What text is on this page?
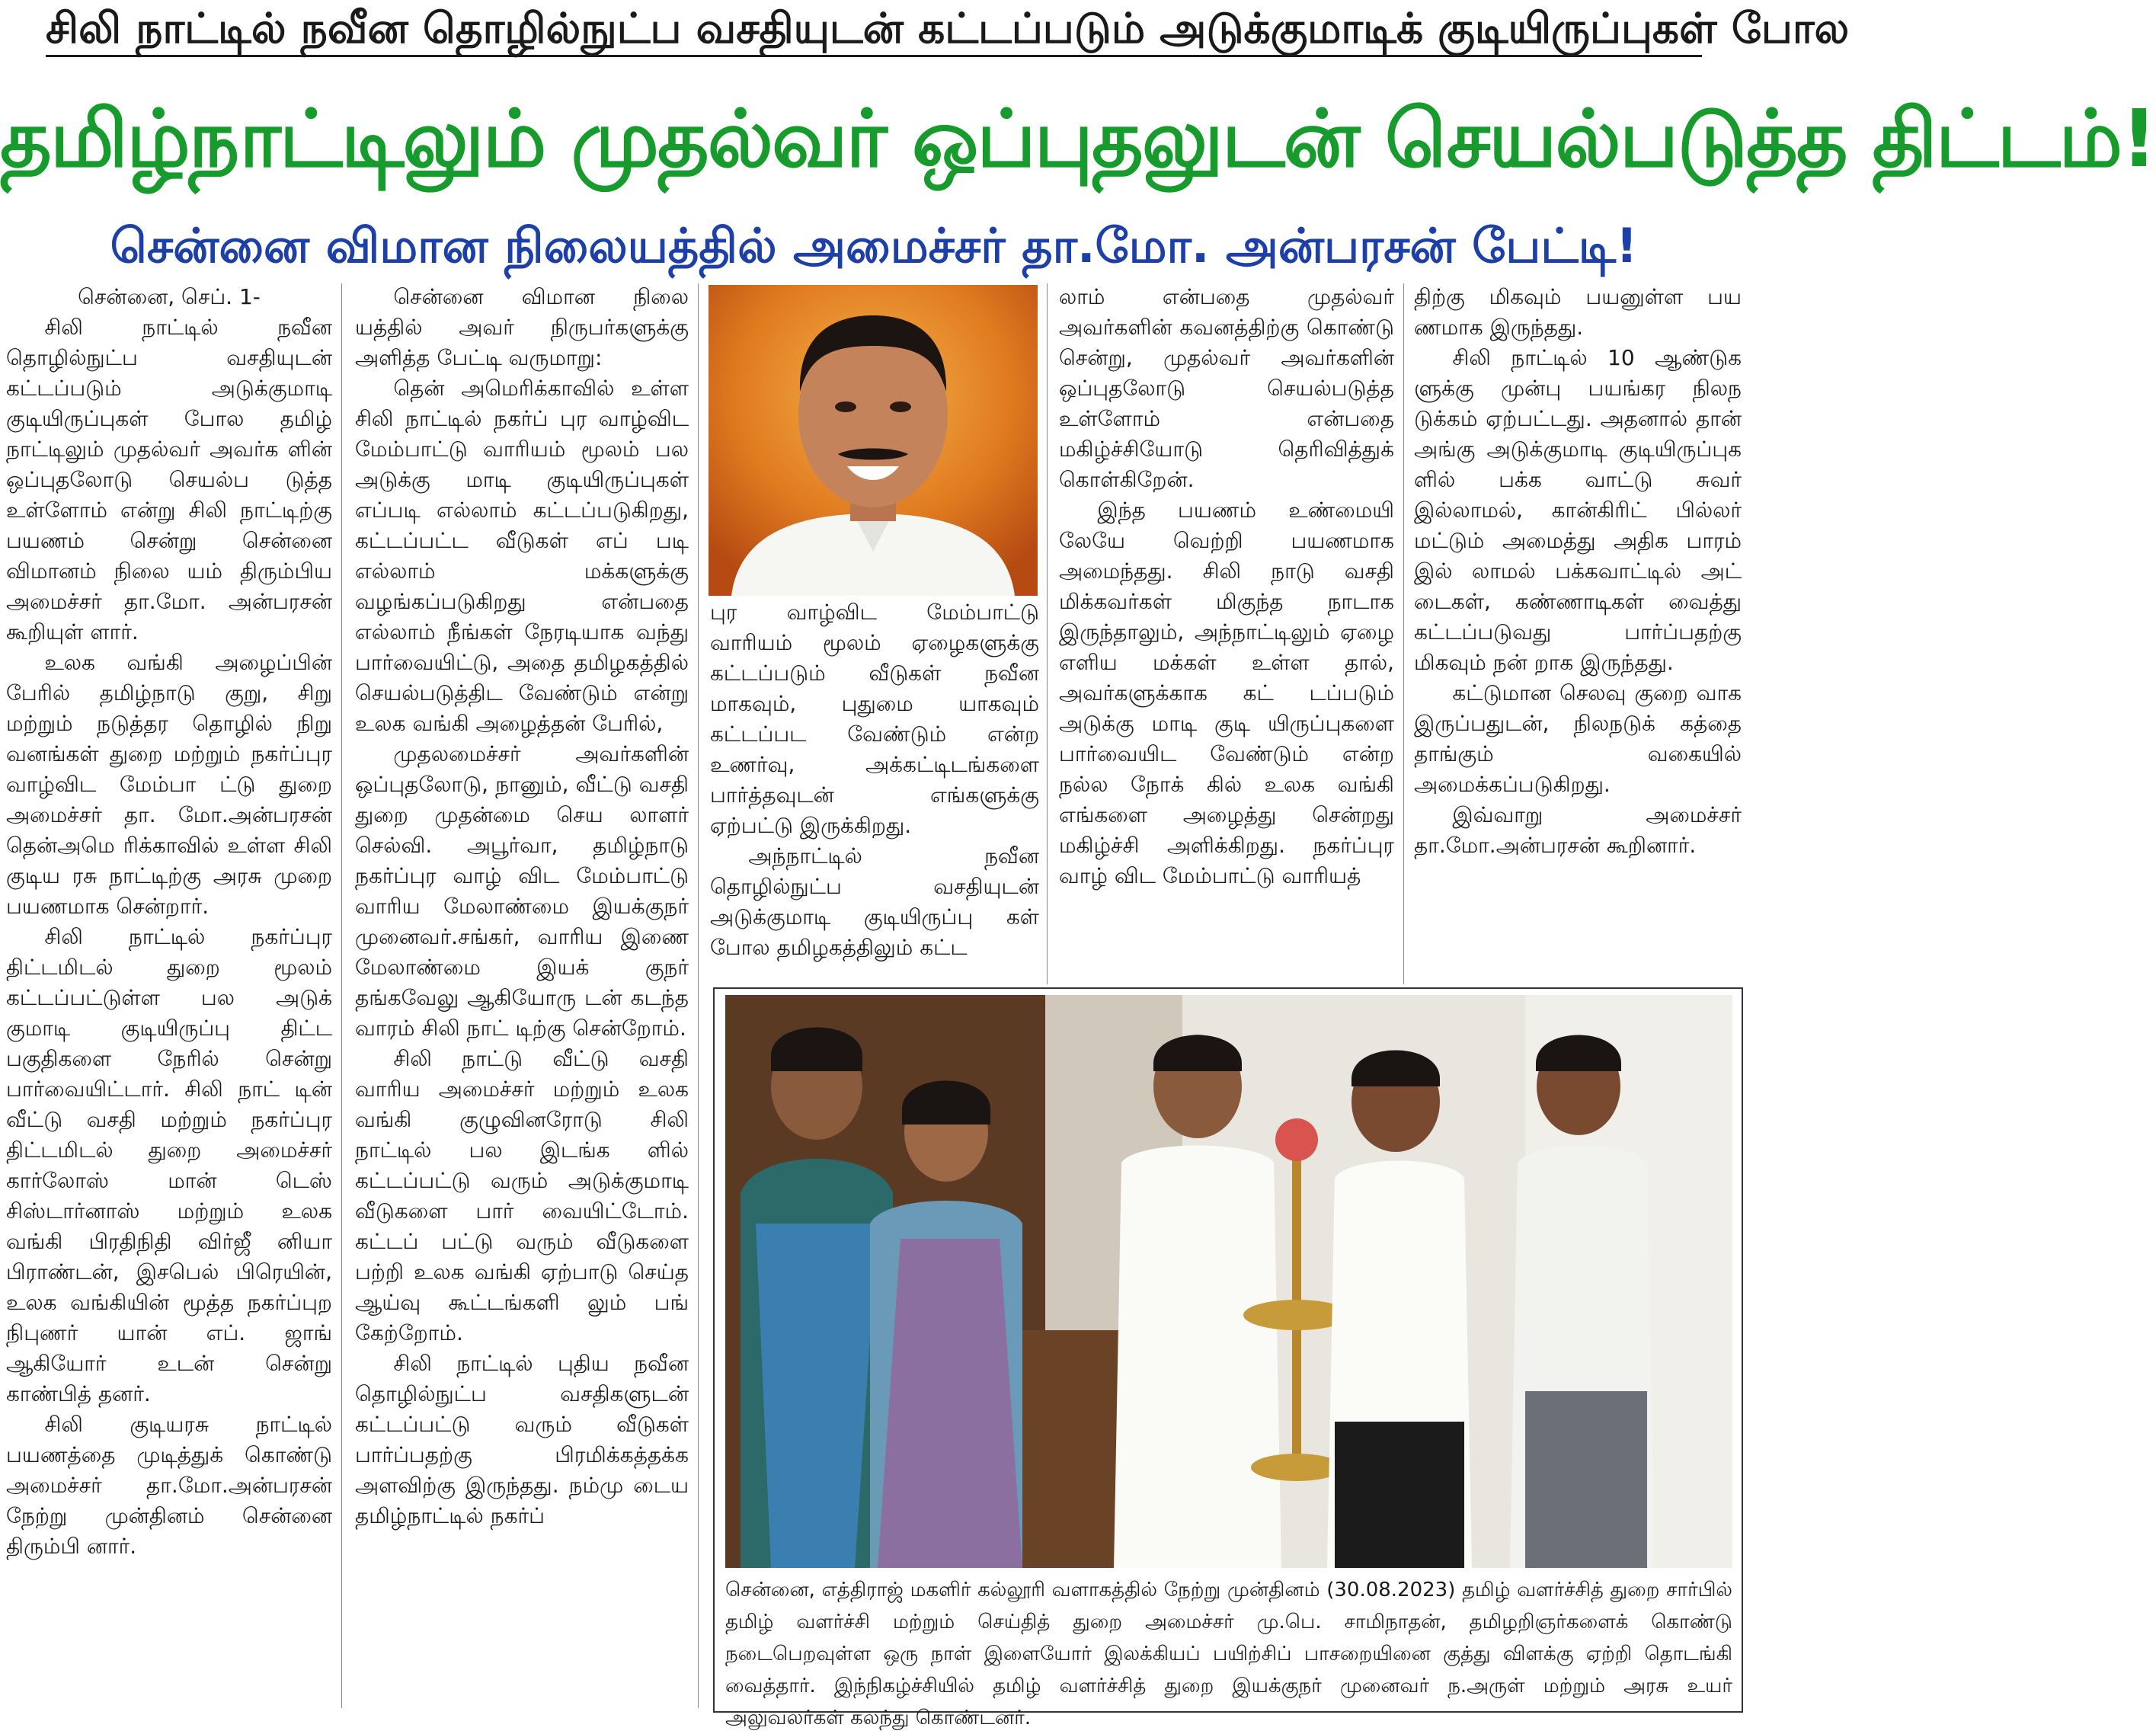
சிலி நாட்டில் நவீன தொழில்நுட்ப வசதியுடன் கட்டப்படும் அடுக்குமாடிக் குடியிருப்புகள் போல
தமிழ்நாட்டிலும் முதல்வர் ஒப்புதலுடன் செயல்படுத்த திட்டம்!
சென்னை விமான நிலையத்தில் அமைச்சர் தா.மோ. அன்பரசன் பேட்டி!

சென்னை, செப். 1-

சிலி நாட்டில் நவீன தொழில்நுட்ப வசதியுடன் கட்டப்படும் அடுக்குமாடி குடியிருப்புகள் போல தமிழ் நாட்டிலும் முதல்வர் அவர்க ளின் ஒப்புதலோடு செயல்ப டுத்த உள்ளோம் என்று சிலி நாட்டிற்கு பயணம் சென்று சென்னை விமானம் நிலை யம் திரும்பிய அமைச்சர் தா.மோ. அன்பரசன் கூறியுள் ளார்.

உலக வங்கி அழைப்பின் பேரில் தமிழ்நாடு குறு, சிறு மற்றும் நடுத்தர தொழில் நிறு வனங்கள் துறை மற்றும் நகர்ப்புர வாழ்விட மேம்பா ட்டு துறை அமைச்சர் தா. மோ.அன்பரசன் தென்அமெ ரிக்காவில் உள்ள சிலி குடிய ரசு நாட்டிற்கு அரசு முறை பயணமாக சென்றார்.

சிலி நாட்டில் நகர்ப்புர திட்டமிடல் துறை மூலம் கட்டப்பட்டுள்ள பல அடுக் குமாடி குடியிருப்பு திட்ட பகுதிகளை நேரில் சென்று பார்வையிட்டார். சிலி நாட் டின் வீட்டு வசதி மற்றும் நகர்ப்புர திட்டமிடல் துறை அமைச்சர் கார்லோஸ் மான் டெஸ் சிஸ்டார்னாஸ் மற்றும் உலக வங்கி பிரதிநிதி விர்ஜீ னியா பிராண்டன், இசபெல் பிரெயின், உலக வங்கியின் மூத்த நகர்ப்புற நிபுணர் யான் எப். ஜாங் ஆகியோர் உடன் சென்று காண்பித் தனர்.

சிலி குடியரசு நாட்டில் பயணத்தை முடித்துக் கொண்டு அமைச்சர் தா.மோ.அன்பரசன் நேற்று முன்தினம் சென்னை திரும்பி னார்.

சென்னை விமான நிலை யத்தில் அவர் நிருபர்களுக்கு அளித்த பேட்டி வருமாறு:

தென் அமெரிக்காவில் உள்ள சிலி நாட்டில் நகர்ப் புர வாழ்விட மேம்பாட்டு வாரியம் மூலம் பல அடுக்கு மாடி குடியிருப்புகள் எப்படி எல்லாம் கட்டப்படுகிறது, கட்டப்பட்ட வீடுகள் எப் படி எல்லாம் மக்களுக்கு வழங்கப்படுகிறது என்பதை எல்லாம் நீங்கள் நேரடியாக வந்து பார்வையிட்டு, அதை தமிழகத்தில் செயல்படுத்திட வேண்டும் என்று உலக வங்கி அழைத்தன் பேரில்,

முதலமைச்சர் அவர்களின் ஒப்புதலோடு, நானும், வீட்டு வசதி துறை முதன்மை செய லாளர் செல்வி. அபூர்வா, தமிழ்நாடு நகர்ப்புர வாழ் விட மேம்பாட்டு வாரிய மேலாண்மை இயக்குநர் முனைவர்.சங்கர், வாரிய இணை மேலாண்மை இயக் குநர் தங்கவேலு ஆகியோரு டன் கடந்த வாரம் சிலி நாட் டிற்கு சென்றோம்.

சிலி நாட்டு வீட்டு வசதி வாரிய அமைச்சர் மற்றும் உலக வங்கி குழுவினரோடு சிலி நாட்டில் பல இடங்க ளில் கட்டப்பட்டு வரும் அடுக்குமாடி வீடுகளை பார் வையிட்டோம். கட்டப் பட்டு வரும் வீடுகளை பற்றி உலக வங்கி ஏற்பாடு செய்த ஆய்வு கூட்டங்களி லும் பங் கேற்றோம்.

சிலி நாட்டில் புதிய நவீன தொழில்நுட்ப வசதிகளுடன் கட்டப்பட்டு வரும் வீடுகள் பார்ப்பதற்கு பிரமிக்கத்தக்க அளவிற்கு இருந்தது. நம்மு டைய தமிழ்நாட்டில் நகர்ப்

புர வாழ்விட மேம்பாட்டு வாரியம் மூலம் ஏழைகளுக்கு கட்டப்படும் வீடுகள் நவீன மாகவும், புதுமை யாகவும் கட்டப்பட வேண்டும் என்ற உணர்வு, அக்கட்டிடங்களை பார்த்தவுடன் எங்களுக்கு ஏற்பட்டு இருக்கிறது.

அந்நாட்டில் நவீன தொழில்நுட்ப வசதியுடன் அடுக்குமாடி குடியிருப்பு கள் போல தமிழகத்திலும் கட்ட

லாம் என்பதை முதல்வர் அவர்களின் கவனத்திற்கு கொண்டு சென்று, முதல்வர் அவர்களின் ஒப்புதலோடு செயல்படுத்த உள்ளோம் என்பதை மகிழ்ச்சியோடு தெரிவித்துக் கொள்கிறேன்.

இந்த பயணம் உண்மையி லேயே வெற்றி பயணமாக அமைந்தது. சிலி நாடு வசதி மிக்கவர்கள் மிகுந்த நாடாக இருந்தாலும், அந்நாட்டிலும் ஏழை எளிய மக்கள் உள்ள தால், அவர்களுக்காக கட் டப்படும் அடுக்கு மாடி குடி யிருப்புகளை பார்வையிட வேண்டும் என்ற நல்ல நோக் கில் உலக வங்கி எங்களை அழைத்து சென்றது மகிழ்ச்சி அளிக்கிறது. நகர்ப்புர வாழ் விட மேம்பாட்டு வாரியத்

திற்கு மிகவும் பயனுள்ள பய ணமாக இருந்தது.

சிலி நாட்டில் 10 ஆண்டுக ளுக்கு முன்பு பயங்கர நிலந டுக்கம் ஏற்பட்டது. அதனால் தான் அங்கு அடுக்குமாடி குடியிருப்புக ளில் பக்க வாட்டு சுவர் இல்லாமல், கான்கிரிட் பில்லர் மட்டும் அமைத்து அதிக பாரம் இல் லாமல் பக்கவாட்டில் அட் டைகள், கண்ணாடிகள் வைத்து கட்டப்படுவது பார்ப்பதற்கு மிகவும் நன் றாக இருந்தது.

கட்டுமான செலவு குறை வாக இருப்பதுடன், நிலநடுக் கத்தை தாங்கும் வகையில் அமைக்கப்படுகிறது.

இவ்வாறு அமைச்சர் தா.மோ.அன்பரசன் கூறினார்.

சென்னை, எத்திராஜ் மகளிர் கல்லூரி வளாகத்தில் நேற்று முன்தினம் (30.08.2023) தமிழ் வளர்ச்சித் துறை சார்பில் தமிழ் வளர்ச்சி மற்றும் செய்தித் துறை அமைச்சர் மு.பெ. சாமிநாதன், தமிழறிஞர்களைக் கொண்டு நடைபெறவுள்ள ஒரு நாள் இளையோர் இலக்கியப் பயிற்சிப் பாசறையினை குத்து விளக்கு ஏற்றி தொடங்கி வைத்தார். இந்நிகழ்ச்சியில் தமிழ் வளர்ச்சித் துறை இயக்குநர் முனைவர் ந.அருள் மற்றும் அரசு உயர் அலுவலர்கள் கலந்து கொண்டனர்.
